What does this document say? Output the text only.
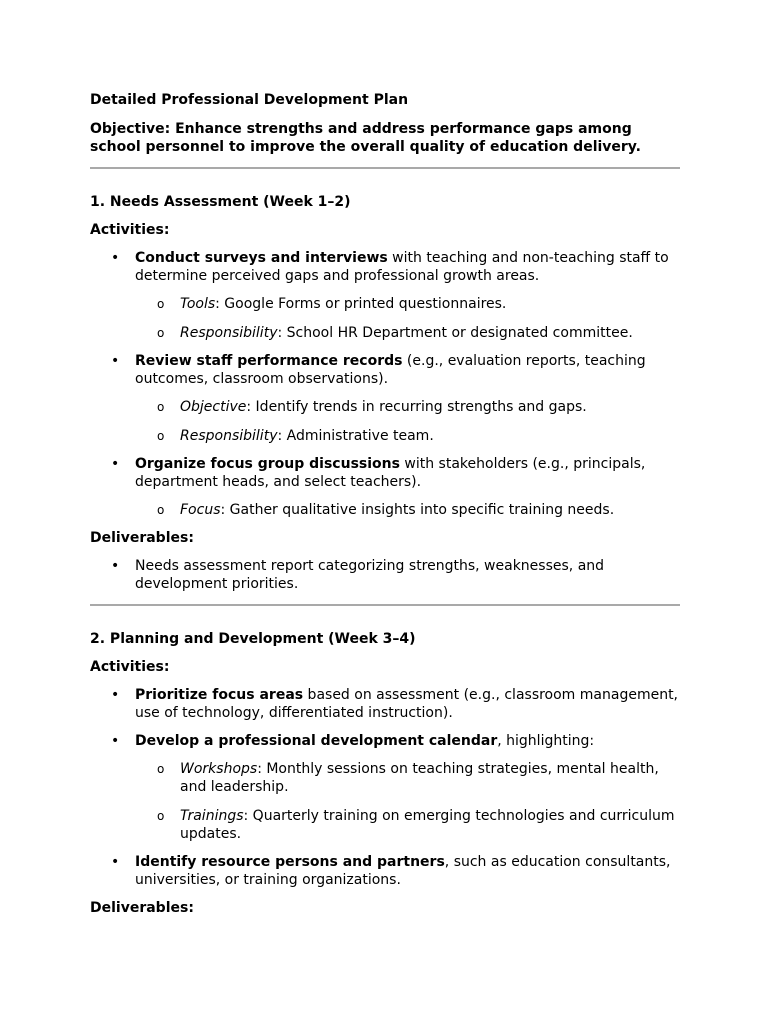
Detailed Professional Development Plan

Objective: Enhance strengths and address performance gaps among school personnel to improve the overall quality of education delivery.

1. Needs Assessment (Week 1–2)

Activities:

• Conduct surveys and interviews with teaching and non-teaching staff to determine perceived gaps and professional growth areas.
o Tools: Google Forms or printed questionnaires.
o Responsibility: School HR Department or designated committee.
• Review staff performance records (e.g., evaluation reports, teaching outcomes, classroom observations).
o Objective: Identify trends in recurring strengths and gaps.
o Responsibility: Administrative team.
• Organize focus group discussions with stakeholders (e.g., principals, department heads, and select teachers).
o Focus: Gather qualitative insights into specific training needs.

Deliverables:

• Needs assessment report categorizing strengths, weaknesses, and development priorities.

2. Planning and Development (Week 3–4)

Activities:

• Prioritize focus areas based on assessment (e.g., classroom management, use of technology, differentiated instruction).
• Develop a professional development calendar, highlighting:
o Workshops: Monthly sessions on teaching strategies, mental health, and leadership.
o Trainings: Quarterly training on emerging technologies and curriculum updates.
• Identify resource persons and partners, such as education consultants, universities, or training organizations.

Deliverables:
